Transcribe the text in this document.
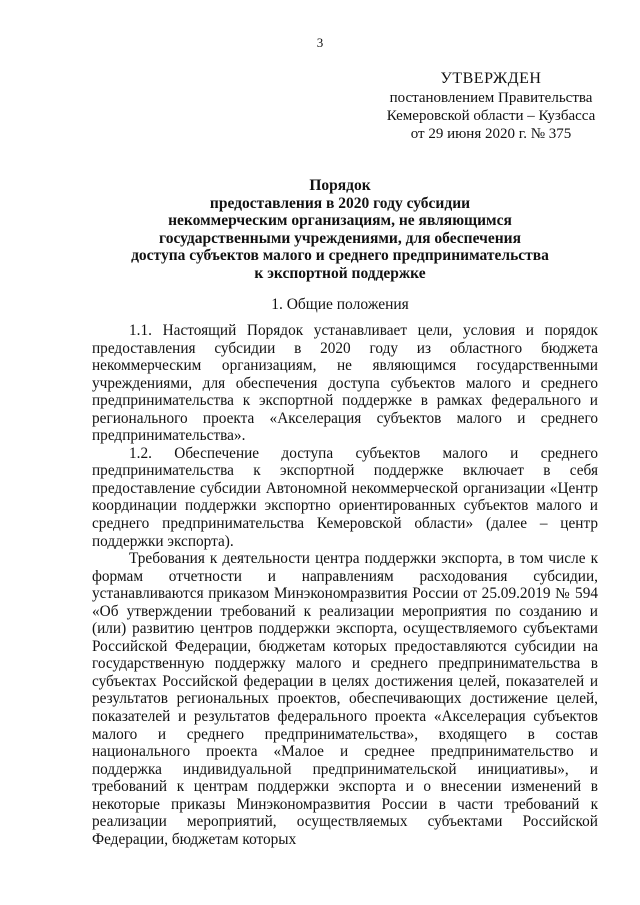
3
УТВЕРЖДЕН
постановлением Правительства
Кемеровской области – Кузбасса
от 29 июня 2020 г. № 375
Порядок
предоставления в 2020 году субсидии
некоммерческим организациям, не являющимся
государственными учреждениями, для обеспечения
доступа субъектов малого и среднего предпринимательства
к экспортной поддержке
1. Общие положения

1.1. Настоящий Порядок устанавливает цели, условия и порядок предоставления субсидии в 2020 году из областного бюджета некоммерческим организациям, не являющимся государственными учреждениями, для обеспечения доступа субъектов малого и среднего предпринимательства к экспортной поддержке в рамках федерального и регионального проекта «Акселерация субъектов малого и среднего предпринимательства».

1.2. Обеспечение доступа субъектов малого и среднего предпринимательства к экспортной поддержке включает в себя предоставление субсидии Автономной некоммерческой организации «Центр координации поддержки экспортно ориентированных субъектов малого и среднего предпринимательства Кемеровской области» (далее – центр поддержки экспорта).

Требования к деятельности центра поддержки экспорта, в том числе к формам отчетности и направлениям расходования субсидии, устанавливаются приказом Минэкономразвития России от 25.09.2019 № 594 «Об утверждении требований к реализации мероприятия по созданию и (или) развитию центров поддержки экспорта, осуществляемого субъектами Российской Федерации, бюджетам которых предоставляются субсидии на государственную поддержку малого и среднего предпринимательства в субъектах Российской федерации в целях достижения целей, показателей и результатов региональных проектов, обеспечивающих достижение целей, показателей и результатов федерального проекта «Акселерация субъектов малого и среднего предпринимательства», входящего в состав национального проекта «Малое и среднее предпринимательство и поддержка индивидуальной предпринимательской инициативы», и требований к центрам поддержки экспорта и о внесении изменений в некоторые приказы Минэкономразвития России в части требований к реализации мероприятий, осуществляемых субъектами Российской Федерации, бюджетам которых
